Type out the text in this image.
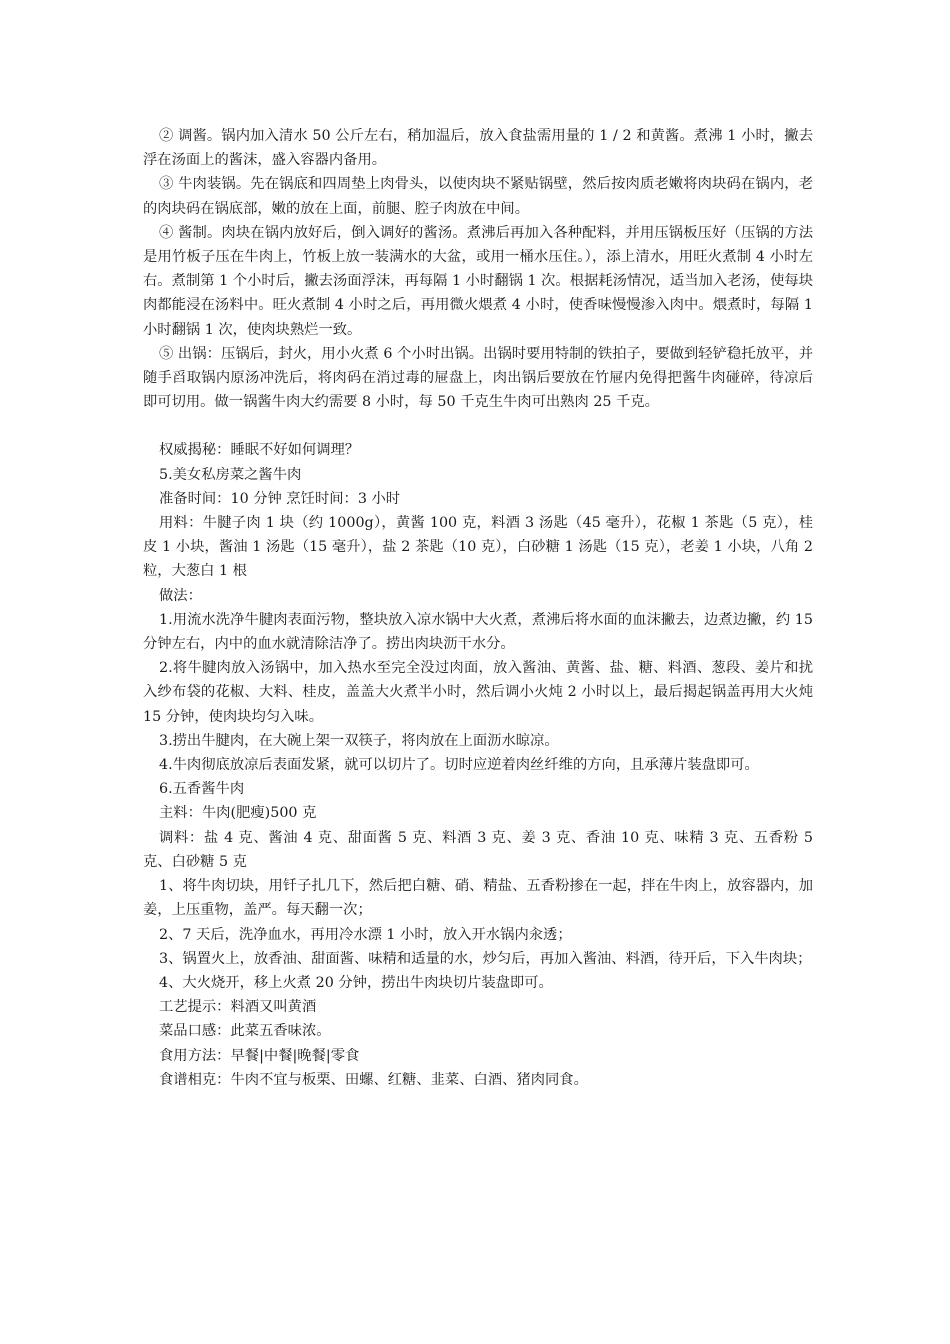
② 调酱。锅内加入清水 50 公斤左右，稍加温后，放入食盐需用量的 1 / 2 和黄酱。煮沸 1 小时，撇去浮在汤面上的酱沫，盛入容器内备用。

③ 牛肉装锅。先在锅底和四周垫上肉骨头，以使肉块不紧贴锅壁，然后按肉质老嫩将肉块码在锅内，老的肉块码在锅底部，嫩的放在上面，前腿、腔子肉放在中间。

④ 酱制。肉块在锅内放好后，倒入调好的酱汤。煮沸后再加入各种配料，并用压锅板压好（压锅的方法是用竹板子压在牛肉上，竹板上放一装满水的大盆，或用一桶水压住。），添上清水，用旺火煮制 4 小时左右。煮制第 1 个小时后，撇去汤面浮沫，再每隔 1 小时翻锅 1 次。根据耗汤情况，适当加入老汤，使每块肉都能浸在汤料中。旺火煮制 4 小时之后，再用微火煨煮 4 小时，使香味慢慢渗入肉中。煨煮时，每隔 1 小时翻锅 1 次，使肉块熟烂一致。

⑤ 出锅：压锅后，封火，用小火煮 6 个小时出锅。出锅时要用特制的铁拍子，要做到轻铲稳托放平，并随手舀取锅内原汤冲洗后，将肉码在消过毒的屉盘上，肉出锅后要放在竹屉内免得把酱牛肉碰碎，待凉后即可切用。做一锅酱牛肉大约需要 8 小时，每 50 千克生牛肉可出熟肉 25 千克。

权威揭秘：睡眠不好如何调理？

5.美女私房菜之酱牛肉

准备时间：10 分钟 烹饪时间：3 小时

用料：牛腱子肉 1 块（约 1000g），黄酱 100 克，料酒 3 汤匙（45 毫升），花椒 1 茶匙（5 克），桂皮 1 小块，酱油 1 汤匙（15 毫升），盐 2 茶匙（10 克），白砂糖 1 汤匙（15 克），老姜 1 小块，八角 2 粒，大葱白 1 根

做法：

1.用流水洗净牛腱肉表面污物，整块放入凉水锅中大火煮，煮沸后将水面的血沫撇去，边煮边撇，约 15 分钟左右，内中的血水就清除洁净了。捞出肉块沥干水分。

2.将牛腱肉放入汤锅中，加入热水至完全没过肉面，放入酱油、黄酱、盐、糖、料酒、葱段、姜片和扰入纱布袋的花椒、大料、桂皮，盖盖大火煮半小时，然后调小火炖 2 小时以上，最后揭起锅盖再用大火炖 15 分钟，使肉块均匀入味。

3.捞出牛腱肉，在大碗上架一双筷子，将肉放在上面沥水晾凉。

4.牛肉彻底放凉后表面发紧，就可以切片了。切时应逆着肉丝纤维的方向，且承薄片装盘即可。

6.五香酱牛肉

主料：牛肉(肥瘦)500 克

调料：盐 4 克、酱油 4 克、甜面酱 5 克、料酒 3 克、姜 3 克、香油 10 克、味精 3 克、五香粉 5 克、白砂糖 5 克

1、将牛肉切块，用钎子扎几下，然后把白糖、硝、精盐、五香粉掺在一起，拌在牛肉上，放容器内，加姜，上压重物，盖严。每天翻一次；

2、7 天后，洗净血水，再用冷水漂 1 小时，放入开水锅内汆透；

3、锅置火上，放香油、甜面酱、味精和适量的水，炒匀后，再加入酱油、料酒，待开后，下入牛肉块；

4、大火烧开，移上火煮 20 分钟，捞出牛肉块切片装盘即可。

工艺提示：料酒又叫黄酒

菜品口感：此菜五香味浓。

食用方法：早餐|中餐|晚餐|零食

食谱相克：牛肉不宜与板栗、田螺、红糖、韭菜、白酒、猪肉同食。
